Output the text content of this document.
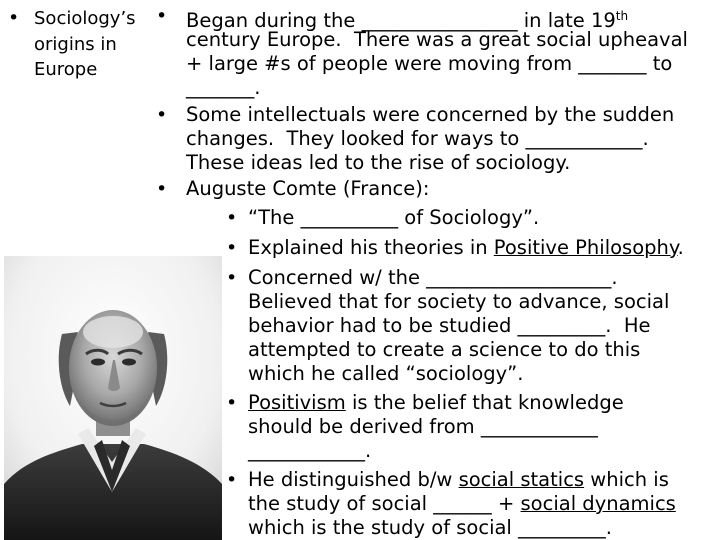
• Sociology’s
origins in
Europe
• Began during the ________________ in late 19th
century Europe.  There was a great social upheaval
+ large #s of people were moving from _______ to
_______.
• Some intellectuals were concerned by the sudden
changes.  They looked for ways to ____________.
These ideas led to the rise of sociology.
• Auguste Comte (France):
• “The __________ of Sociology”.
• Explained his theories in Positive Philosophy.
• Concerned w/ the ___________________.
Believed that for society to advance, social
behavior had to be studied _________.  He
attempted to create a science to do this
which he called “sociology”.
• Positivism is the belief that knowledge
should be derived from ____________
____________.
• He distinguished b/w social statics which is
the study of social ______ + social dynamics
which is the study of social _________.
